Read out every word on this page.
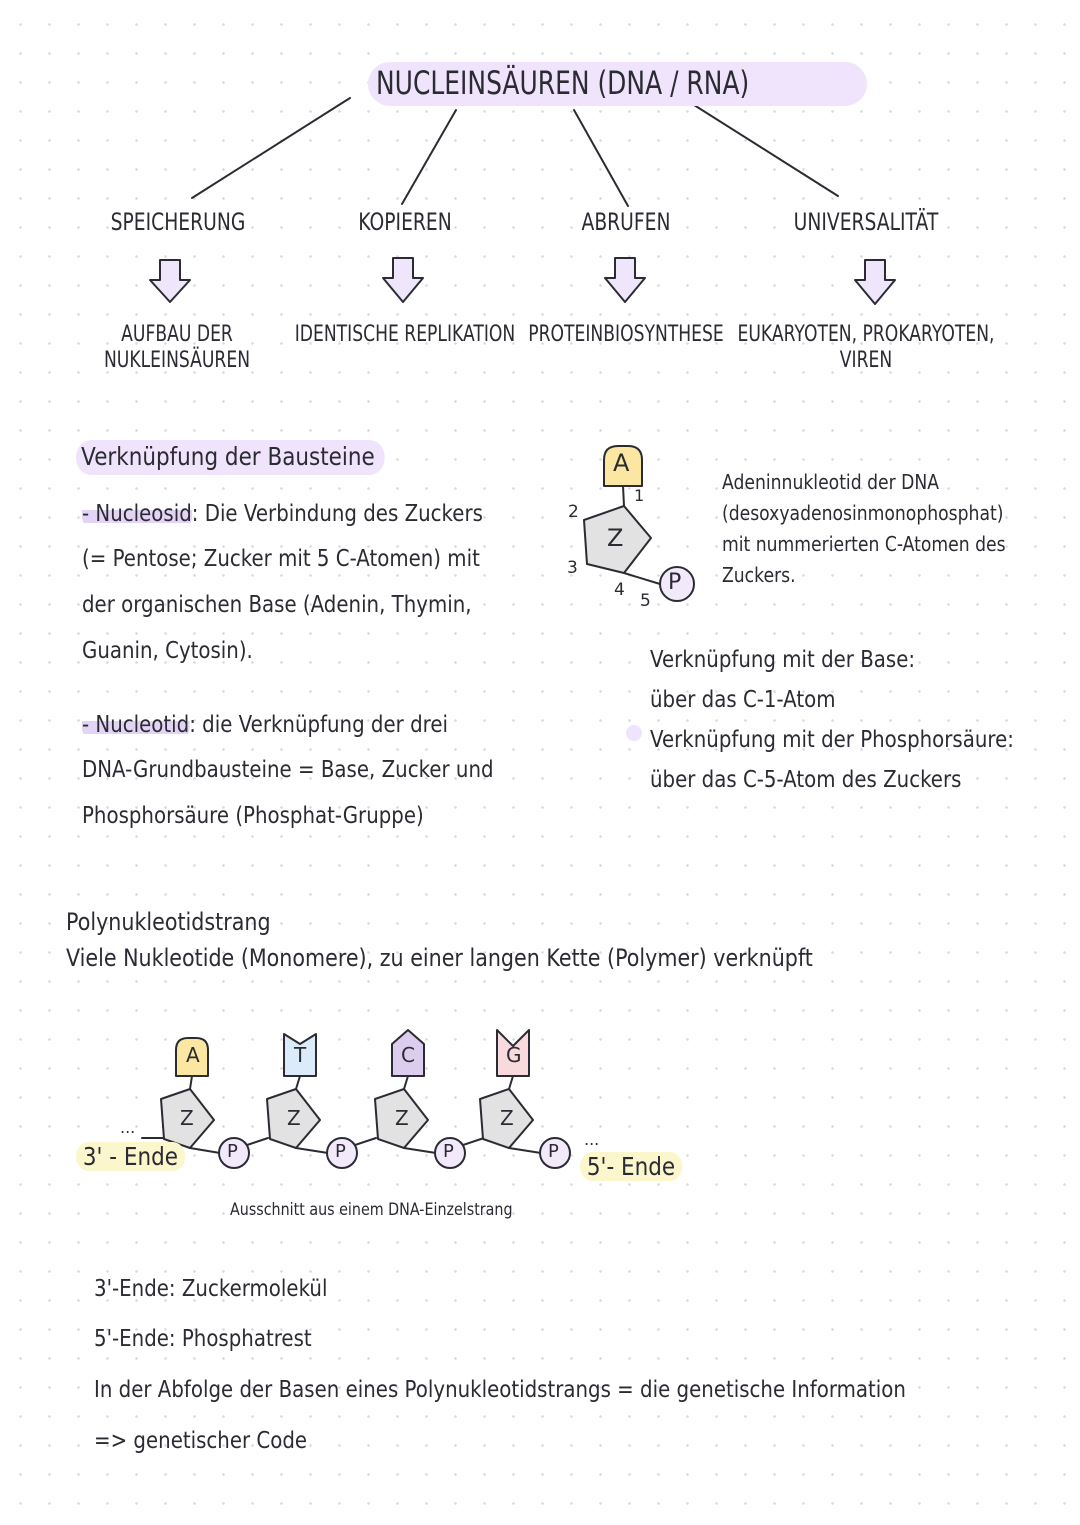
NUCLEINSÄUREN (DNA / RNA)
SPEICHERUNG	KOPIEREN	ABRUFEN	UNIVERSALITÄT
AUFBAU DER
NUKLEINSÄUREN
IDENTISCHE REPLIKATION PROTEINBIOSYNTHESE EUKARYOTEN, PROKARYOTEN,
VIREN
Verknüpfung der Bausteine
- Nucleosid: Die Verbindung des Zuckers
(= Pentose; Zucker mit 5 C-Atomen) mit
der organischen Base (Adenin, Thymin,
Guanin, Cytosin).
- Nucleotid: die Verknüpfung der drei
DNA-Grundbausteine = Base, Zucker und
Phosphorsäure (Phosphat-Gruppe)
A
Z
P
1
2
3
4
5
Adeninnukleotid der DNA
(desoxyadenosinmonophosphat)
mit nummerierten C-Atomen des
Zuckers.
Verknüpfung mit der Base:
über das C-1-Atom
Verknüpfung mit der Phosphorsäure:
über das C-5-Atom des Zuckers
Polynukleotidstrang
Viele Nukleotide (Monomere), zu einer langen Kette (Polymer) verknüpft
A	T	C	G
Z	Z	Z	Z
P	P	P	P
...
...
3' - Ende	5'- Ende
Ausschnitt aus einem DNA-Einzelstrang
3'-Ende: Zuckermolekül
5'-Ende: Phosphatrest
In der Abfolge der Basen eines Polynukleotidstrangs = die genetische Information
=> genetischer Code
